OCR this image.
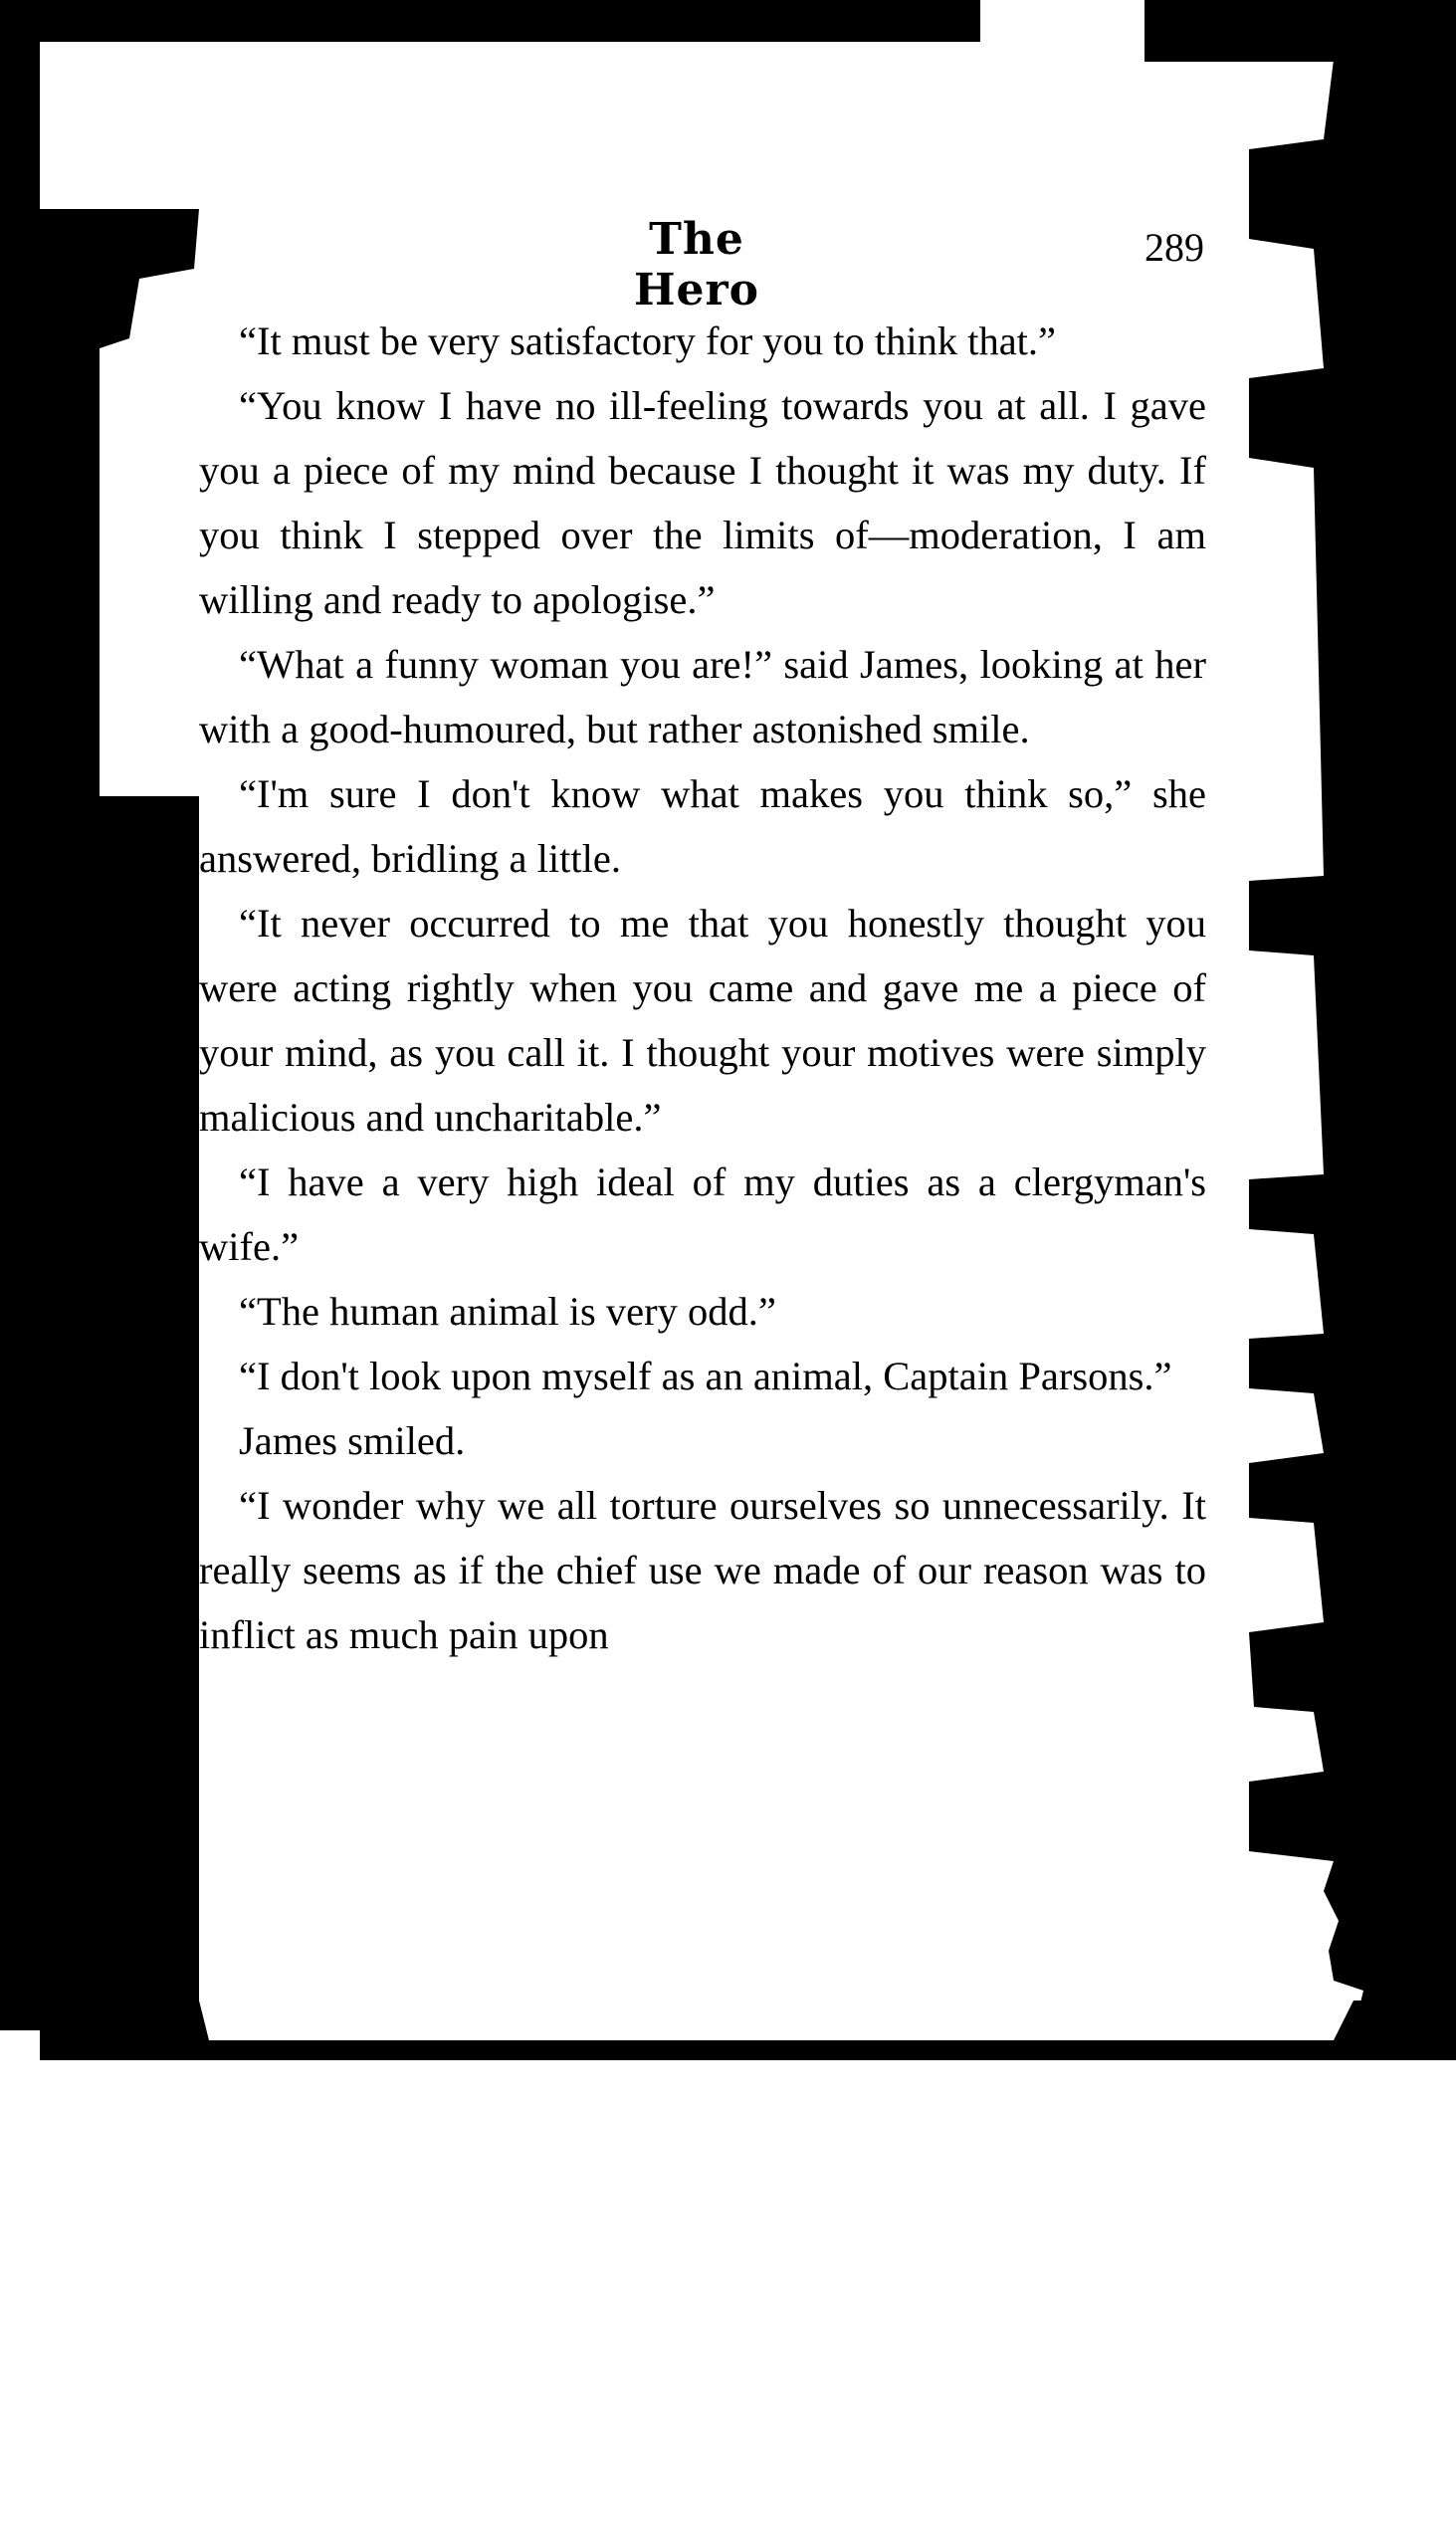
The Hero
289

“It must be very satisfactory for you to think that.”

“You know I have no ill-feeling towards you at all. I gave you a piece of my mind because I thought it was my duty. If you think I stepped over the limits of—moderation, I am willing and ready to apologise.”

“What a funny woman you are!” said James, looking at her with a good-humoured, but rather astonished smile.

“I'm sure I don't know what makes you think so,” she answered, bridling a little.

“It never occurred to me that you honestly thought you were acting rightly when you came and gave me a piece of your mind, as you call it. I thought your motives were simply malicious and uncharitable.”

“I have a very high ideal of my duties as a clergyman's wife.”

“The human animal is very odd.”

“I don't look upon myself as an animal, Captain Parsons.”

James smiled.

“I wonder why we all torture ourselves so unnecessarily. It really seems as if the chief use we made of our reason was to inflict as much pain upon
